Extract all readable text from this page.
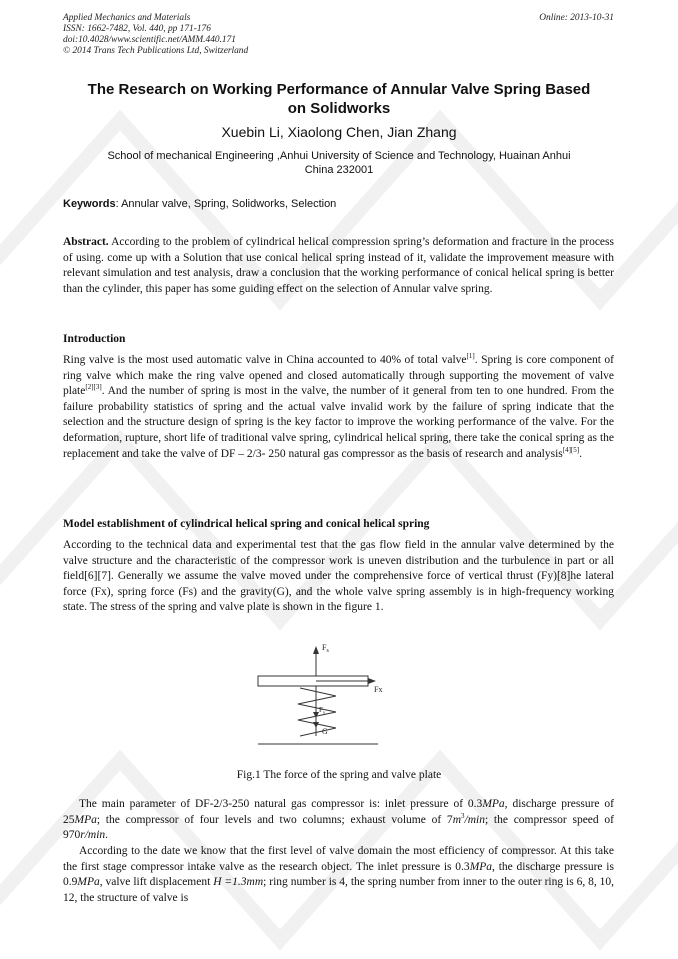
Applied Mechanics and Materials
ISSN: 1662-7482, Vol. 440, pp 171-176
doi:10.4028/www.scientific.net/AMM.440.171
© 2014 Trans Tech Publications Ltd, Switzerland
Online: 2013-10-31
The Research on Working Performance of Annular Valve Spring Based
on Solidworks
Xuebin Li, Xiaolong Chen, Jian Zhang
School of mechanical Engineering ,Anhui University of Science and Technology, Huainan Anhui
China 232001
Keywords: Annular valve, Spring, Solidworks, Selection
Abstract. According to the problem of cylindrical helical compression spring’s deformation and fracture in the process of using. come up with a Solution that use conical helical spring instead of it, validate the improvement measure with relevant simulation and test analysis, draw a conclusion that the working performance of conical helical spring is better than the cylinder, this paper has some guiding effect on the selection of Annular valve spring.
Introduction
Ring valve is the most used automatic valve in China accounted to 40% of total valve[1]. Spring is core component of ring valve which make the ring valve opened and closed automatically through supporting the movement of valve plate[2][3]. And the number of spring is most in the valve, the number of it general from ten to one hundred. From the failure probability statistics of spring and the actual valve invalid work by the failure of spring indicate that the selection and the structure design of spring is the key factor to improve the working performance of the valve. For the deformation, rupture, short life of traditional valve spring, cylindrical helical spring, there take the conical spring as the replacement and take the valve of DF – 2/3- 250 natural gas compressor as the basis of research and analysis[4][5].
Model establishment of cylindrical helical spring and conical helical spring
According to the technical data and experimental test that the gas flow field in the annular valve determined by the valve structure and the characteristic of the compressor work is uneven distribution and the turbulence in part or all field[6][7]. Generally we assume the valve moved under the comprehensive force of vertical thrust (Fy)[8]he lateral force (Fx), spring force (Fs) and the gravity(G), and the whole valve spring assembly is in high-frequency working state. The stress of the spring and valve plate is shown in the figure 1.
$F_s$
Fx
$F_y$
G
Fig.1 The force of the spring and valve plate
The main parameter of DF-2/3-250 natural gas compressor is: inlet pressure of 0.3MPa, discharge pressure of 25MPa; the compressor of four levels and two columns; exhaust volume of $7m^3/\min$; the compressor speed of 970r/min.
According to the date we know that the first level of valve domain the most efficiency of compressor. At this take the first stage compressor intake valve as the research object. The inlet pressure is 0.3MPa, the discharge pressure is 0.9MPa, valve lift displacement H =1.3mm; ring number is 4, the spring number from inner to the outer ring is 6, 8, 10, 12, the structure of valve is
